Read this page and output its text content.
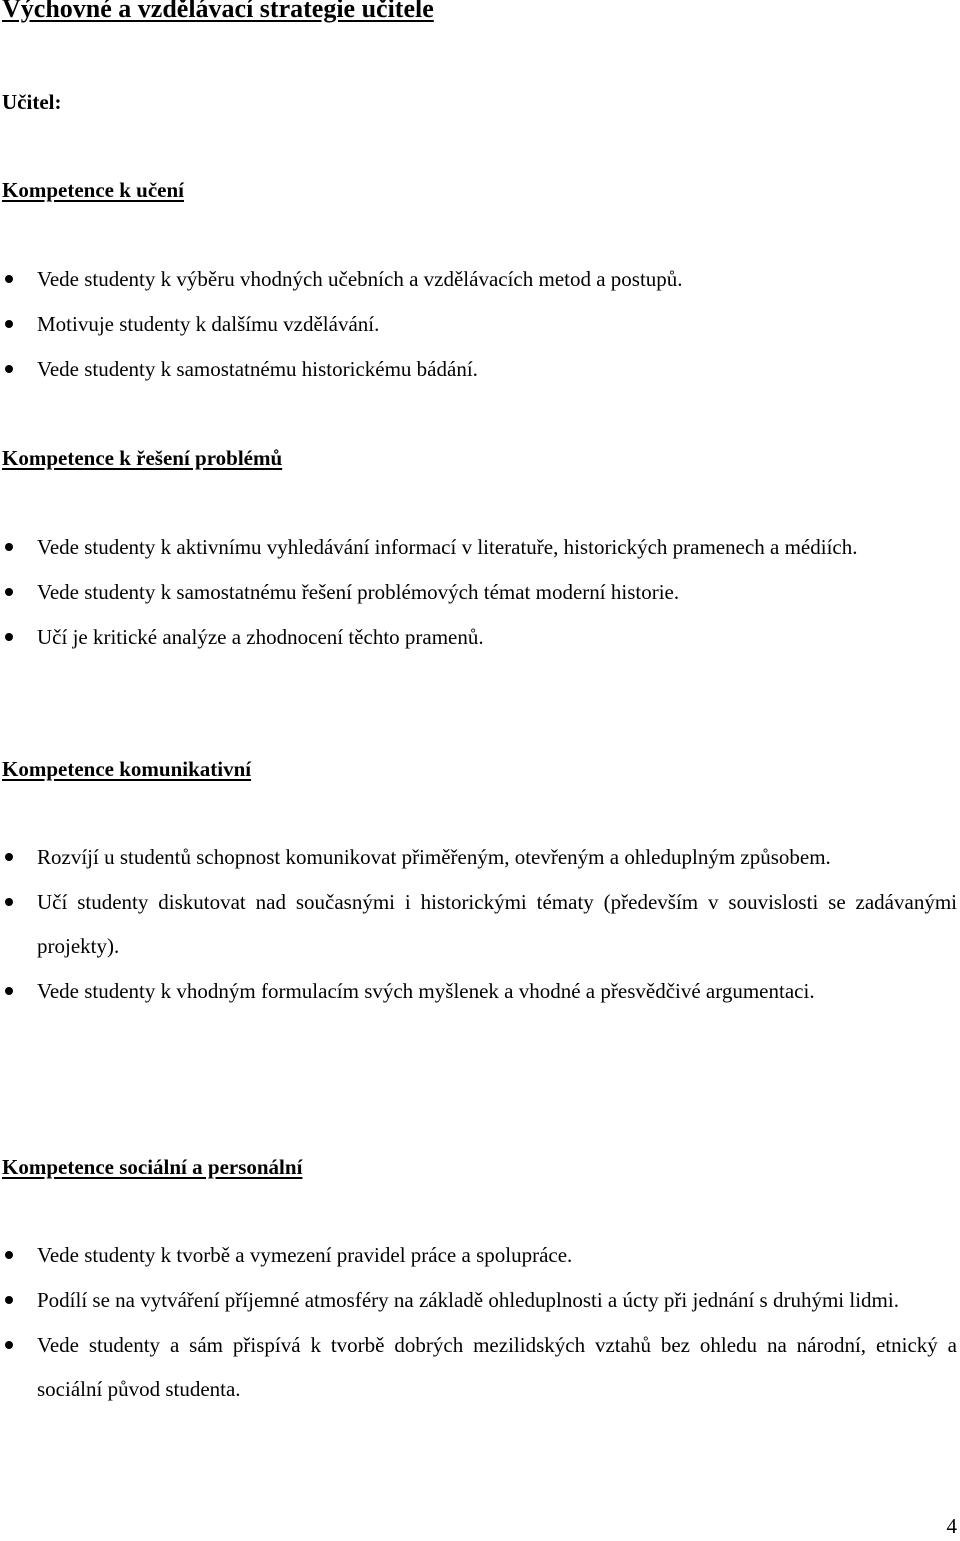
Výchovné a vzdělávací strategie učitele
Učitel:
Kompetence k učení
Vede studenty k výběru vhodných učebních a vzdělávacích metod a postupů.
Motivuje studenty k dalšímu vzdělávání.
Vede studenty k samostatnému historickému bádání.
Kompetence k řešení problémů
Vede studenty k aktivnímu vyhledávání informací v literatuře, historických pramenech a médiích.
Vede studenty k samostatnému řešení problémových témat moderní historie.
Učí je kritické analýze a zhodnocení těchto pramenů.
Kompetence komunikativní
Rozvíjí u studentů schopnost komunikovat přiměřeným, otevřeným a ohleduplným způsobem.
Učí studenty diskutovat nad současnými i historickými tématy (především v souvislosti se zadávanými projekty).
Vede studenty k vhodným formulacím svých myšlenek a vhodné a přesvědčivé argumentaci.
Kompetence sociální a personální
Vede studenty k tvorbě a vymezení pravidel práce a spolupráce.
Podílí se na vytváření příjemné atmosféry na základě ohleduplnosti a úcty při jednání s druhými lidmi.
Vede studenty a sám přispívá k tvorbě dobrých mezilidských vztahů bez ohledu na národní, etnický a sociální původ studenta.
4
